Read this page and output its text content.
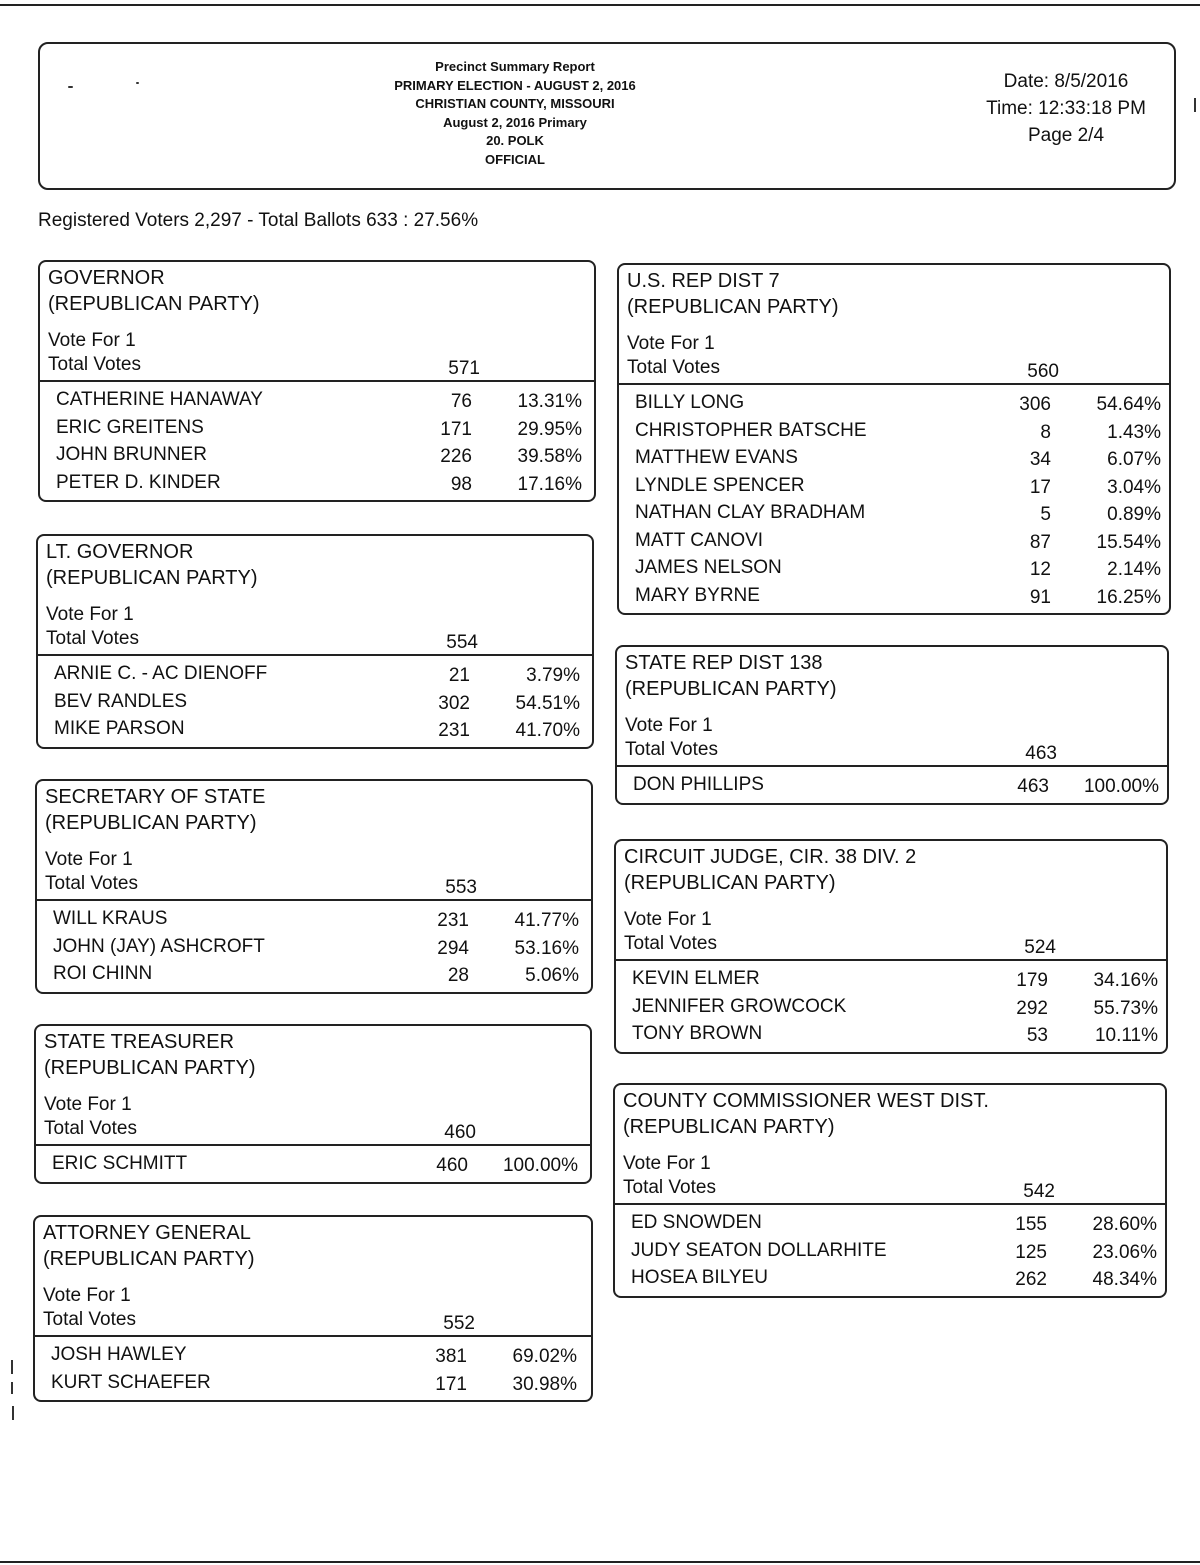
Precinct Summary Report
PRIMARY ELECTION - AUGUST 2, 2016
CHRISTIAN COUNTY, MISSOURI
August 2, 2016 Primary
20. POLK
OFFICIAL
Date: 8/5/2016
Time: 12:33:18 PM
Page 2/4
Registered Voters 2,297 - Total Ballots 633 : 27.56%
GOVERNOR
(REPUBLICAN PARTY)
Vote For 1
Total Votes	571
CATHERINE HANAWAY	76	13.31%
ERIC GREITENS	171	29.95%
JOHN BRUNNER	226	39.58%
PETER D. KINDER	98	17.16%
LT. GOVERNOR
(REPUBLICAN PARTY)
Vote For 1
Total Votes	554
ARNIE C. - AC DIENOFF	21	3.79%
BEV RANDLES	302	54.51%
MIKE PARSON	231	41.70%
SECRETARY OF STATE
(REPUBLICAN PARTY)
Vote For 1
Total Votes	553
WILL KRAUS	231	41.77%
JOHN (JAY) ASHCROFT	294	53.16%
ROI CHINN	28	5.06%
STATE TREASURER
(REPUBLICAN PARTY)
Vote For 1
Total Votes	460
ERIC SCHMITT	460	100.00%
ATTORNEY GENERAL
(REPUBLICAN PARTY)
Vote For 1
Total Votes	552
JOSH HAWLEY	381	69.02%
KURT SCHAEFER	171	30.98%
U.S. REP DIST 7
(REPUBLICAN PARTY)
Vote For 1
Total Votes	560
BILLY LONG	306	54.64%
CHRISTOPHER BATSCHE	8	1.43%
MATTHEW EVANS	34	6.07%
LYNDLE SPENCER	17	3.04%
NATHAN CLAY BRADHAM	5	0.89%
MATT CANOVI	87	15.54%
JAMES NELSON	12	2.14%
MARY BYRNE	91	16.25%
STATE REP DIST 138
(REPUBLICAN PARTY)
Vote For 1
Total Votes	463
DON PHILLIPS	463	100.00%
CIRCUIT JUDGE, CIR. 38 DIV. 2
(REPUBLICAN PARTY)
Vote For 1
Total Votes	524
KEVIN ELMER	179	34.16%
JENNIFER GROWCOCK	292	55.73%
TONY BROWN	53	10.11%
COUNTY COMMISSIONER WEST DIST.
(REPUBLICAN PARTY)
Vote For 1
Total Votes	542
ED SNOWDEN	155	28.60%
JUDY SEATON DOLLARHITE	125	23.06%
HOSEA BILYEU	262	48.34%
